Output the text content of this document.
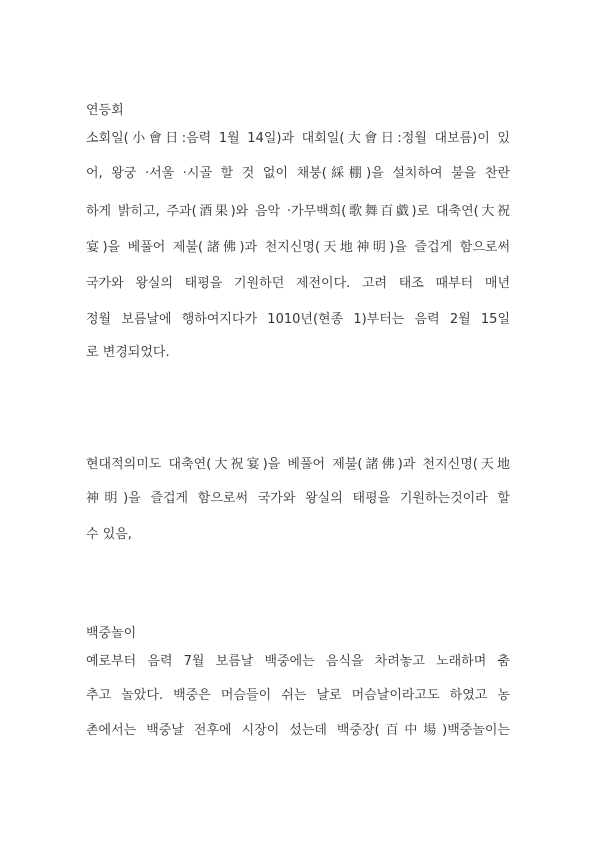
연등회
소회일(小會日:음력 1월 14일)과 대회일(大會日:정월 대보름)이 있
어, 왕궁 ·서울 ·시골 할 것 없이 채붕(綵棚)을 설치하여 불을 찬란
하게 밝히고, 주과(酒果)와 음악 ·가무백희(歌舞百戱)로 대축연(大祝
宴)을 베풀어 제불(諸佛)과 천지신명(天地神明)을 즐겁게 함으로써
국가와 왕실의 태평을 기원하던 제전이다. 고려 태조 때부터 매년
정월 보름날에 행하여지다가 1010년(현종 1)부터는 음력 2월 15일
로 변경되었다.
현대적의미도 대축연(大祝宴)을 베풀어 제불(諸佛)과 천지신명(天地
神明)을 즐겁게 함으로써 국가와 왕실의 태평을 기원하는것이라 할
수 있음,
백중놀이
예로부터 음력 7월 보름날 백중에는 음식을 차려놓고 노래하며 춤
추고 놀았다. 백중은 머슴들이 쉬는 날로 머슴날이라고도 하였고 농
촌에서는 백중날 전후에 시장이 섰는데 백중장(百中場)백중놀이는
